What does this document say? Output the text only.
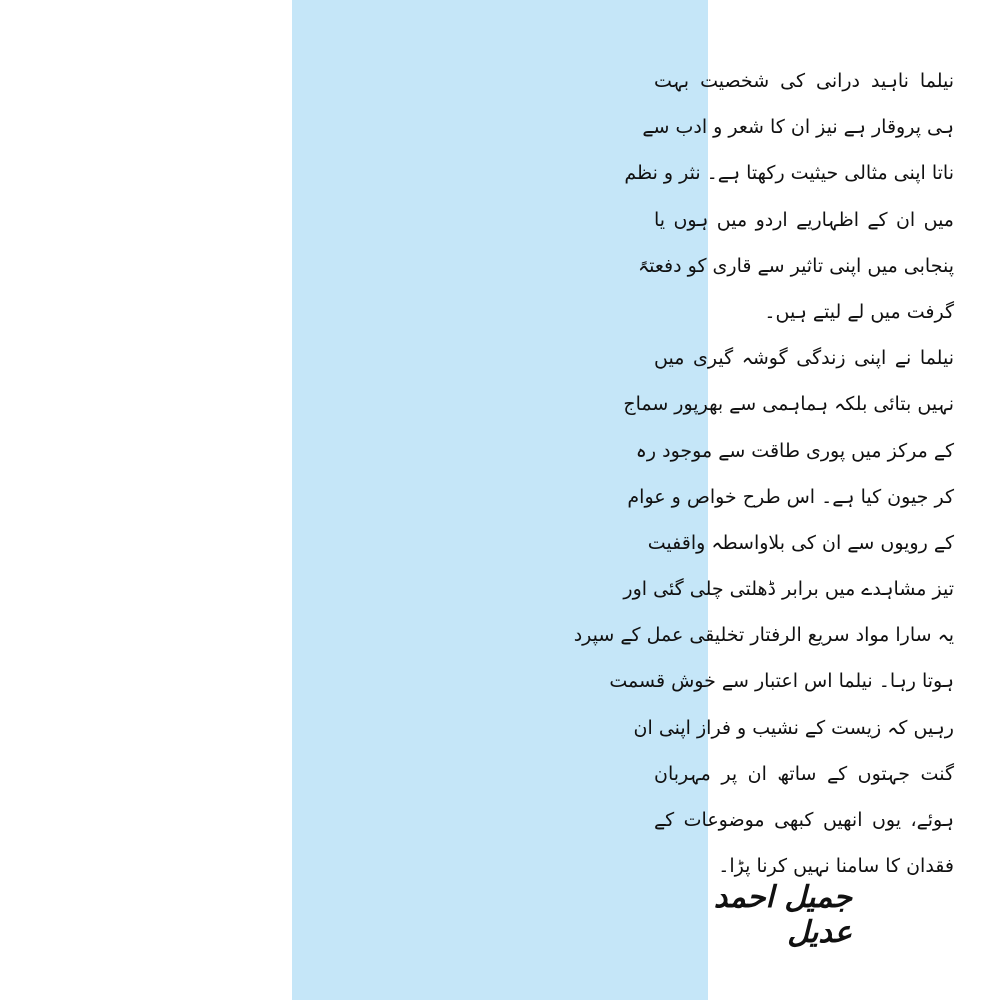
نیلما ناہید درانی کی شخصیت بہت
ہی پروقار ہے نیز ان کا شعر و ادب سے
ناتا اپنی مثالی حیثیت رکھتا ہے۔ نثر و نظم
میں ان کے اظہاریے اردو میں ہوں یا
پنجابی میں اپنی تاثیر سے قاری کو دفعتہً
گرفت میں لے لیتے ہیں۔
نیلما نے اپنی زندگی گوشہ گیری میں
نہیں بتائی بلکہ ہماہمی سے بھرپور سماج
کے مرکز میں پوری طاقت سے موجود رہ
کر جیون کیا ہے۔ اس طرح خواص و عوام
کے رویوں سے ان کی بلاواسطہ واقفیت
تیز مشاہدے میں برابر ڈھلتی چلی گئی اور
یہ سارا مواد سریع الرفتار تخلیقی عمل کے سپرد
ہوتا رہا۔ نیلما اس اعتبار سے خوش قسمت
رہیں کہ زیست کے نشیب و فراز اپنی ان
گنت جہتوں کے ساتھ ان پر مہربان
ہوئے، یوں انھیں کبھی موضوعات کے
فقدان کا سامنا نہیں کرنا پڑا۔
جمیل احمد عدیل
